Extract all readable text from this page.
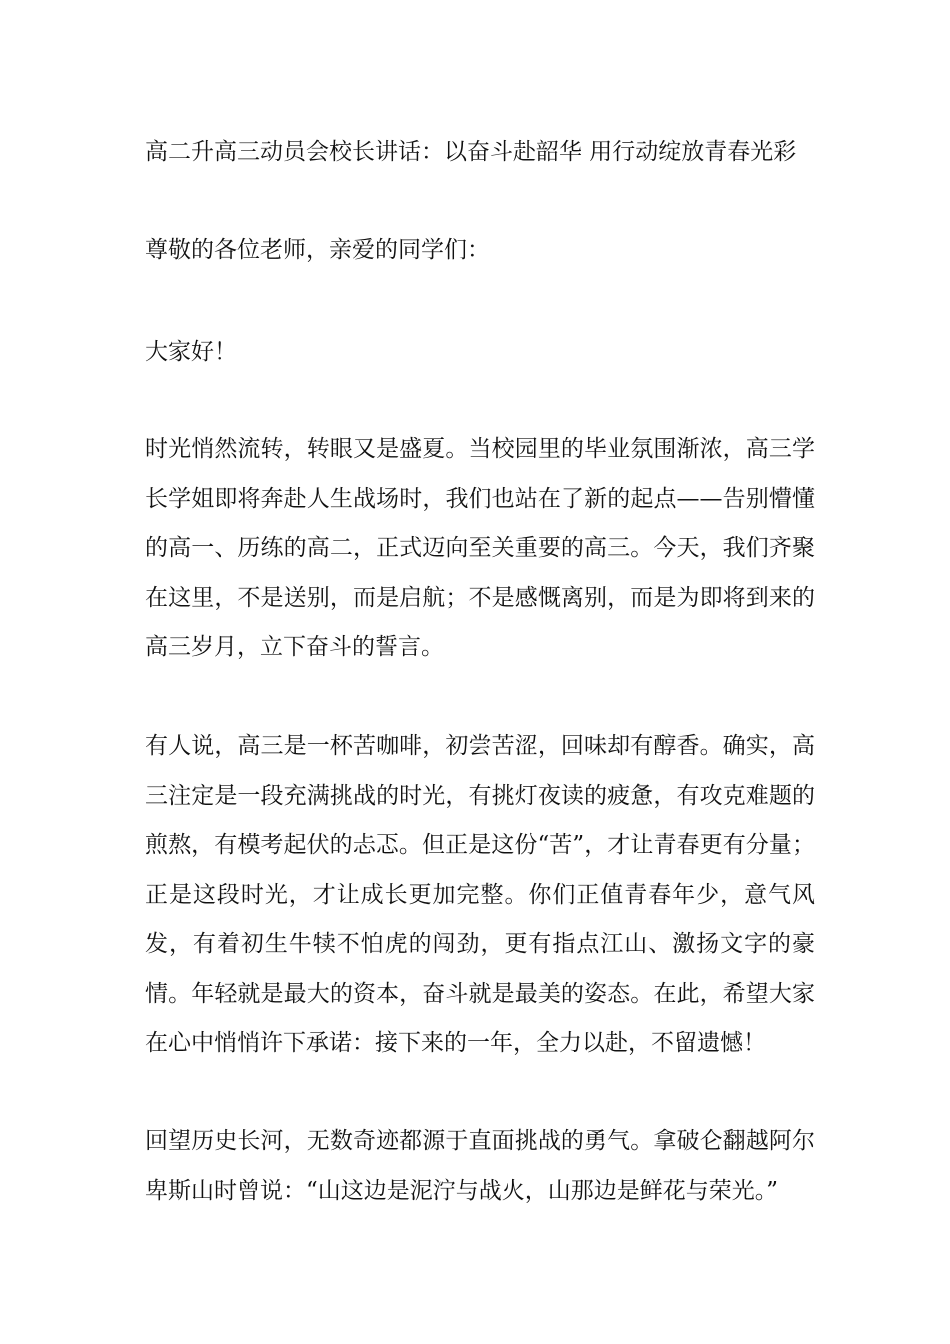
高二升高三动员会校长讲话：以奋斗赴韶华 用行动绽放青春光彩
尊敬的各位老师，亲爱的同学们：
大家好！
时光悄然流转，转眼又是盛夏。当校园里的毕业氛围渐浓，高三学长学姐即将奔赴人生战场时，我们也站在了新的起点——告别懵懂的高一、历练的高二，正式迈向至关重要的高三。今天，我们齐聚在这里，不是送别，而是启航；不是感慨离别，而是为即将到来的高三岁月，立下奋斗的誓言。
有人说，高三是一杯苦咖啡，初尝苦涩，回味却有醇香。确实，高三注定是一段充满挑战的时光，有挑灯夜读的疲惫，有攻克难题的煎熬，有模考起伏的忐忑。但正是这份“苦”，才让青春更有分量；正是这段时光，才让成长更加完整。你们正值青春年少，意气风发，有着初生牛犊不怕虎的闯劲，更有指点江山、激扬文字的豪情。年轻就是最大的资本，奋斗就是最美的姿态。在此，希望大家在心中悄悄许下承诺：接下来的一年，全力以赴，不留遗憾！
回望历史长河，无数奇迹都源于直面挑战的勇气。拿破仑翻越阿尔卑斯山时曾说：“山这边是泥泞与战火，山那边是鲜花与荣光。”
